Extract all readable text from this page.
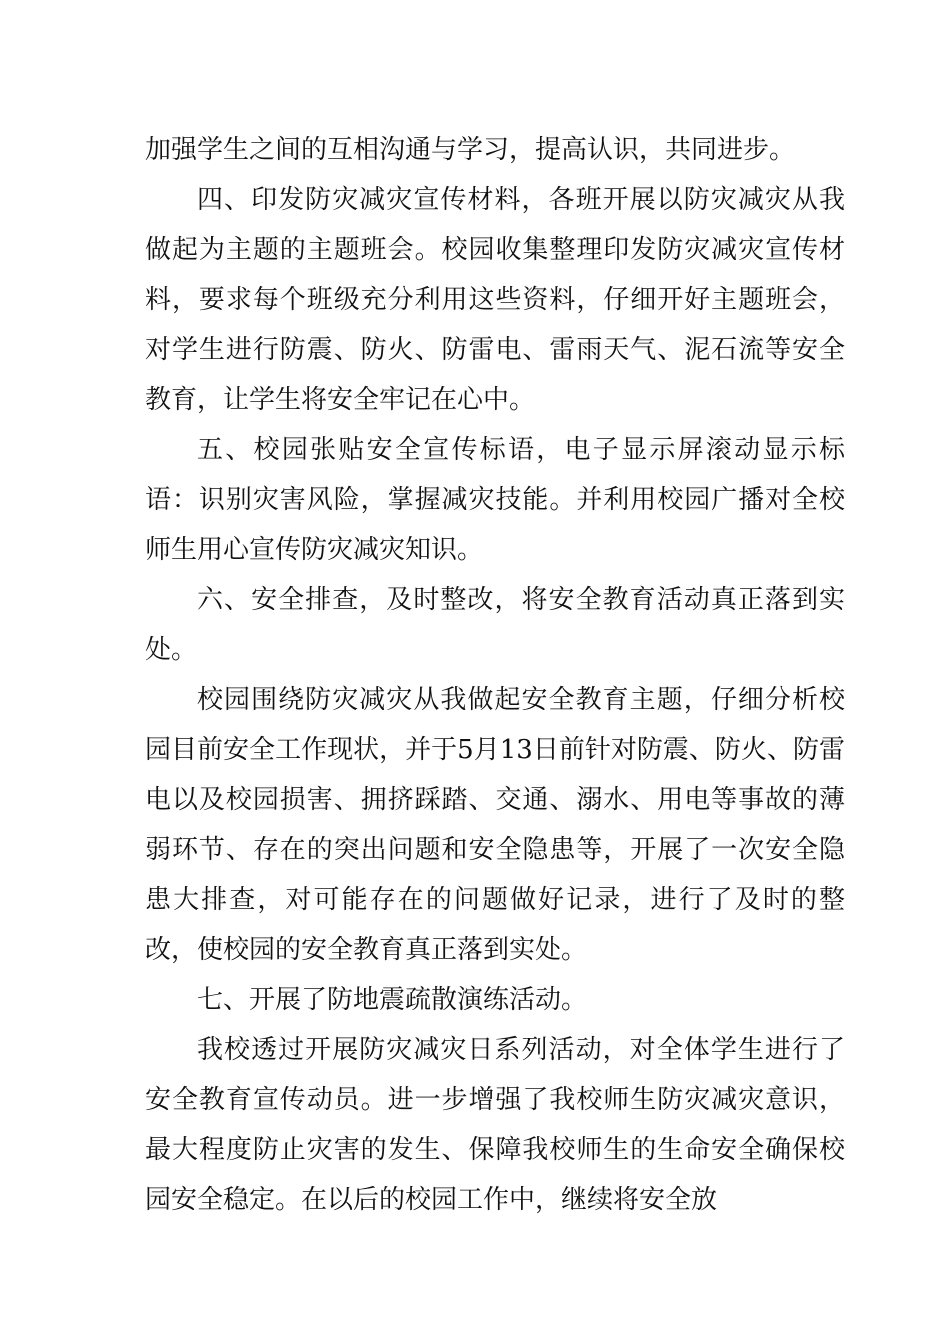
加强学生之间的互相沟通与学习，提高认识，共同进步。

四、印发防灾减灾宣传材料，各班开展以防灾减灾从我做起为主题的主题班会。校园收集整理印发防灾减灾宣传材料，要求每个班级充分利用这些资料，仔细开好主题班会，对学生进行防震、防火、防雷电、雷雨天气、泥石流等安全教育，让学生将安全牢记在心中。

五、校园张贴安全宣传标语，电子显示屏滚动显示标语：识别灾害风险，掌握减灾技能。并利用校园广播对全校师生用心宣传防灾减灾知识。

六、安全排查，及时整改，将安全教育活动真正落到实处。

校园围绕防灾减灾从我做起安全教育主题，仔细分析校园目前安全工作现状，并于5月13日前针对防震、防火、防雷电以及校园损害、拥挤踩踏、交通、溺水、用电等事故的薄弱环节、存在的突出问题和安全隐患等，开展了一次安全隐患大排查，对可能存在的问题做好记录，进行了及时的整改，使校园的安全教育真正落到实处。

七、开展了防地震疏散演练活动。

我校透过开展防灾减灾日系列活动，对全体学生进行了安全教育宣传动员。进一步增强了我校师生防灾减灾意识，最大程度防止灾害的发生、保障我校师生的生命安全确保校园安全稳定。在以后的校园工作中，继续将安全放
